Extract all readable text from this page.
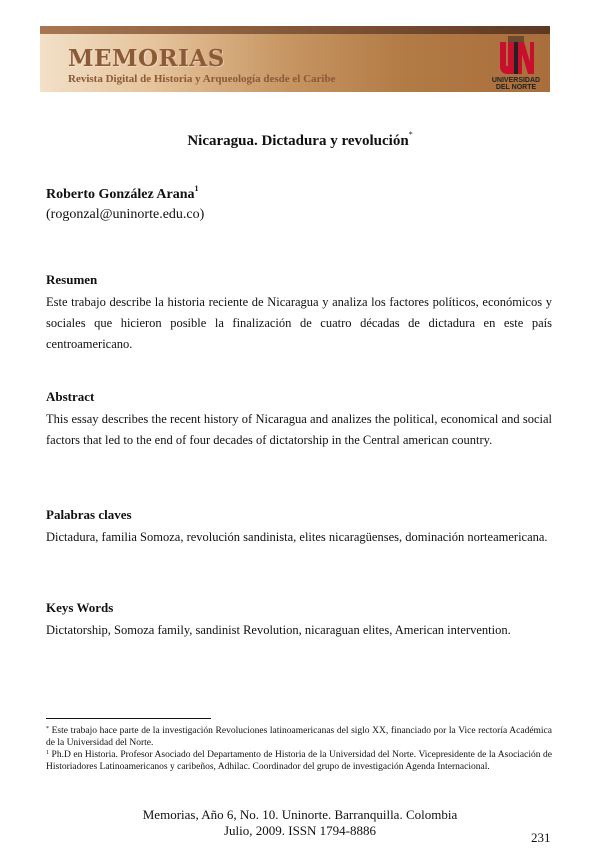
MEMORIAS
Revista Digital de Historia y Arqueología desde el Caribe	UNIVERSIDAD
DEL NORTE
Nicaragua. Dictadura y revolución*
Roberto González Arana$^1$
(rogonzal@uninorte.edu.co)

Resumen

Este trabajo describe la historia reciente de Nicaragua y analiza los factores políticos, económicos y sociales que hicieron posible la finalización de cuatro décadas de dictadura en este país centroamericano.

Abstract

This essay describes the recent history of Nicaragua and analizes the political, economical and social factors that led to the end of four decades of dictatorship in the Central american country.

Palabras claves

Dictadura, familia Somoza, revolución sandinista, elites nicaragüenses, dominación norteamericana.

Keys Words

Dictatorship, Somoza family, sandinist Revolution, nicaraguan elites, American intervention.

* Este trabajo hace parte de la investigación Revoluciones latinoamericanas del siglo XX, financiado por la Vice rectoría Académica de la Universidad del Norte.

$^1$ Ph.D en Historia. Profesor Asociado del Departamento de Historia de la Universidad del Norte. Vicepresidente de la Asociación de Historiadores Latinoamericanos y caribeños, Adhilac. Coordinador del grupo de investigación Agenda Internacional.

Memorias, Año 6, No. 10. Uninorte. Barranquilla. Colombia
Julio, 2009. ISSN 1794-8886	231
